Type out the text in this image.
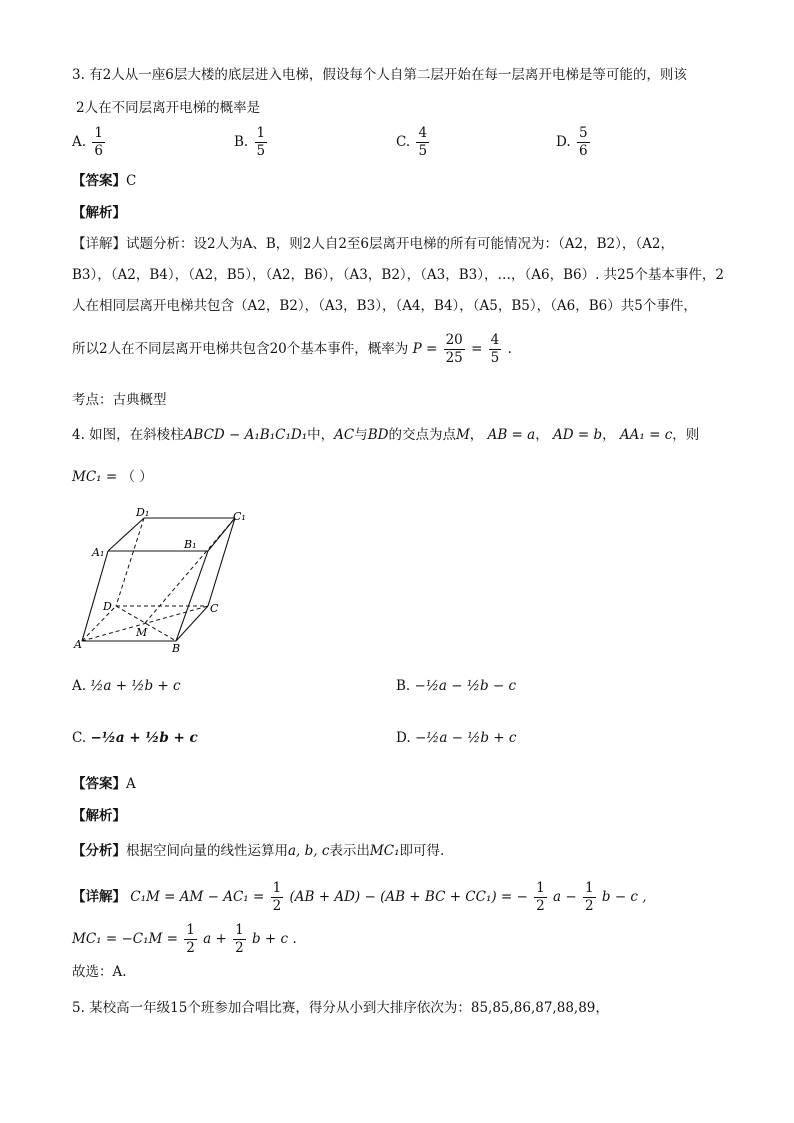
3. 有2人从一座6层大楼的底层进入电梯，假设每个人自第二层开始在每一层离开电梯是等可能的，则该
2人在不同层离开电梯的概率是
A. $\frac{1}{6}$	B. $\frac{1}{5}$	C. $\frac{4}{5}$	D. $\frac{5}{6}$
【答案】C
【解析】
【详解】试题分析：设2人为A、B，则2人自2至6层离开电梯的所有可能情况为：（A2，B2），（A2，
B3），（A2，B4），（A2，B5），（A2，B6），（A3，B2），（A3，B3），…，（A6，B6）. 共25个基本事件，2
人在相同层离开电梯共包含（A2，B2），（A3，B3），（A4，B4），（A5，B5），（A6，B6）共5个事件，
所以2人在不同层离开电梯共包含20个基本事件，概率为 $P = \frac{20}{25} = \frac{4}{5}$ .
考点：古典概型
4. 如图，在斜棱柱ABCD − A₁B₁C₁D₁中，AC与BD的交点为点M， AB = a， AD = b， AA₁ = c，则
MC₁ = （ ）
D₁	C₁
A₁
B₁
D	C
M
A	B
A. ½a + ½b + c	B. −½a − ½b − c
C. −½a + ½b + c	D. −½a − ½b + c
【答案】A
【解析】
【分析】根据空间向量的线性运算用a, b, c表示出MC₁即可得.
【详解】 C₁M = AM − $AC_1 = \frac{1}{2} (AB + AD) - (AB$ + BC + CC₁) = − $\frac{1}{2}$ $a - \frac{1}{2}$ b − c ,
$MC_1 = -C_1M = \frac{1}{2}$ $a + \frac{1}{2}$ b + c .
故选：A.
5. 某校高一年级15个班参加合唱比赛，得分从小到大排序依次为：85,85,86,87,88,89，
